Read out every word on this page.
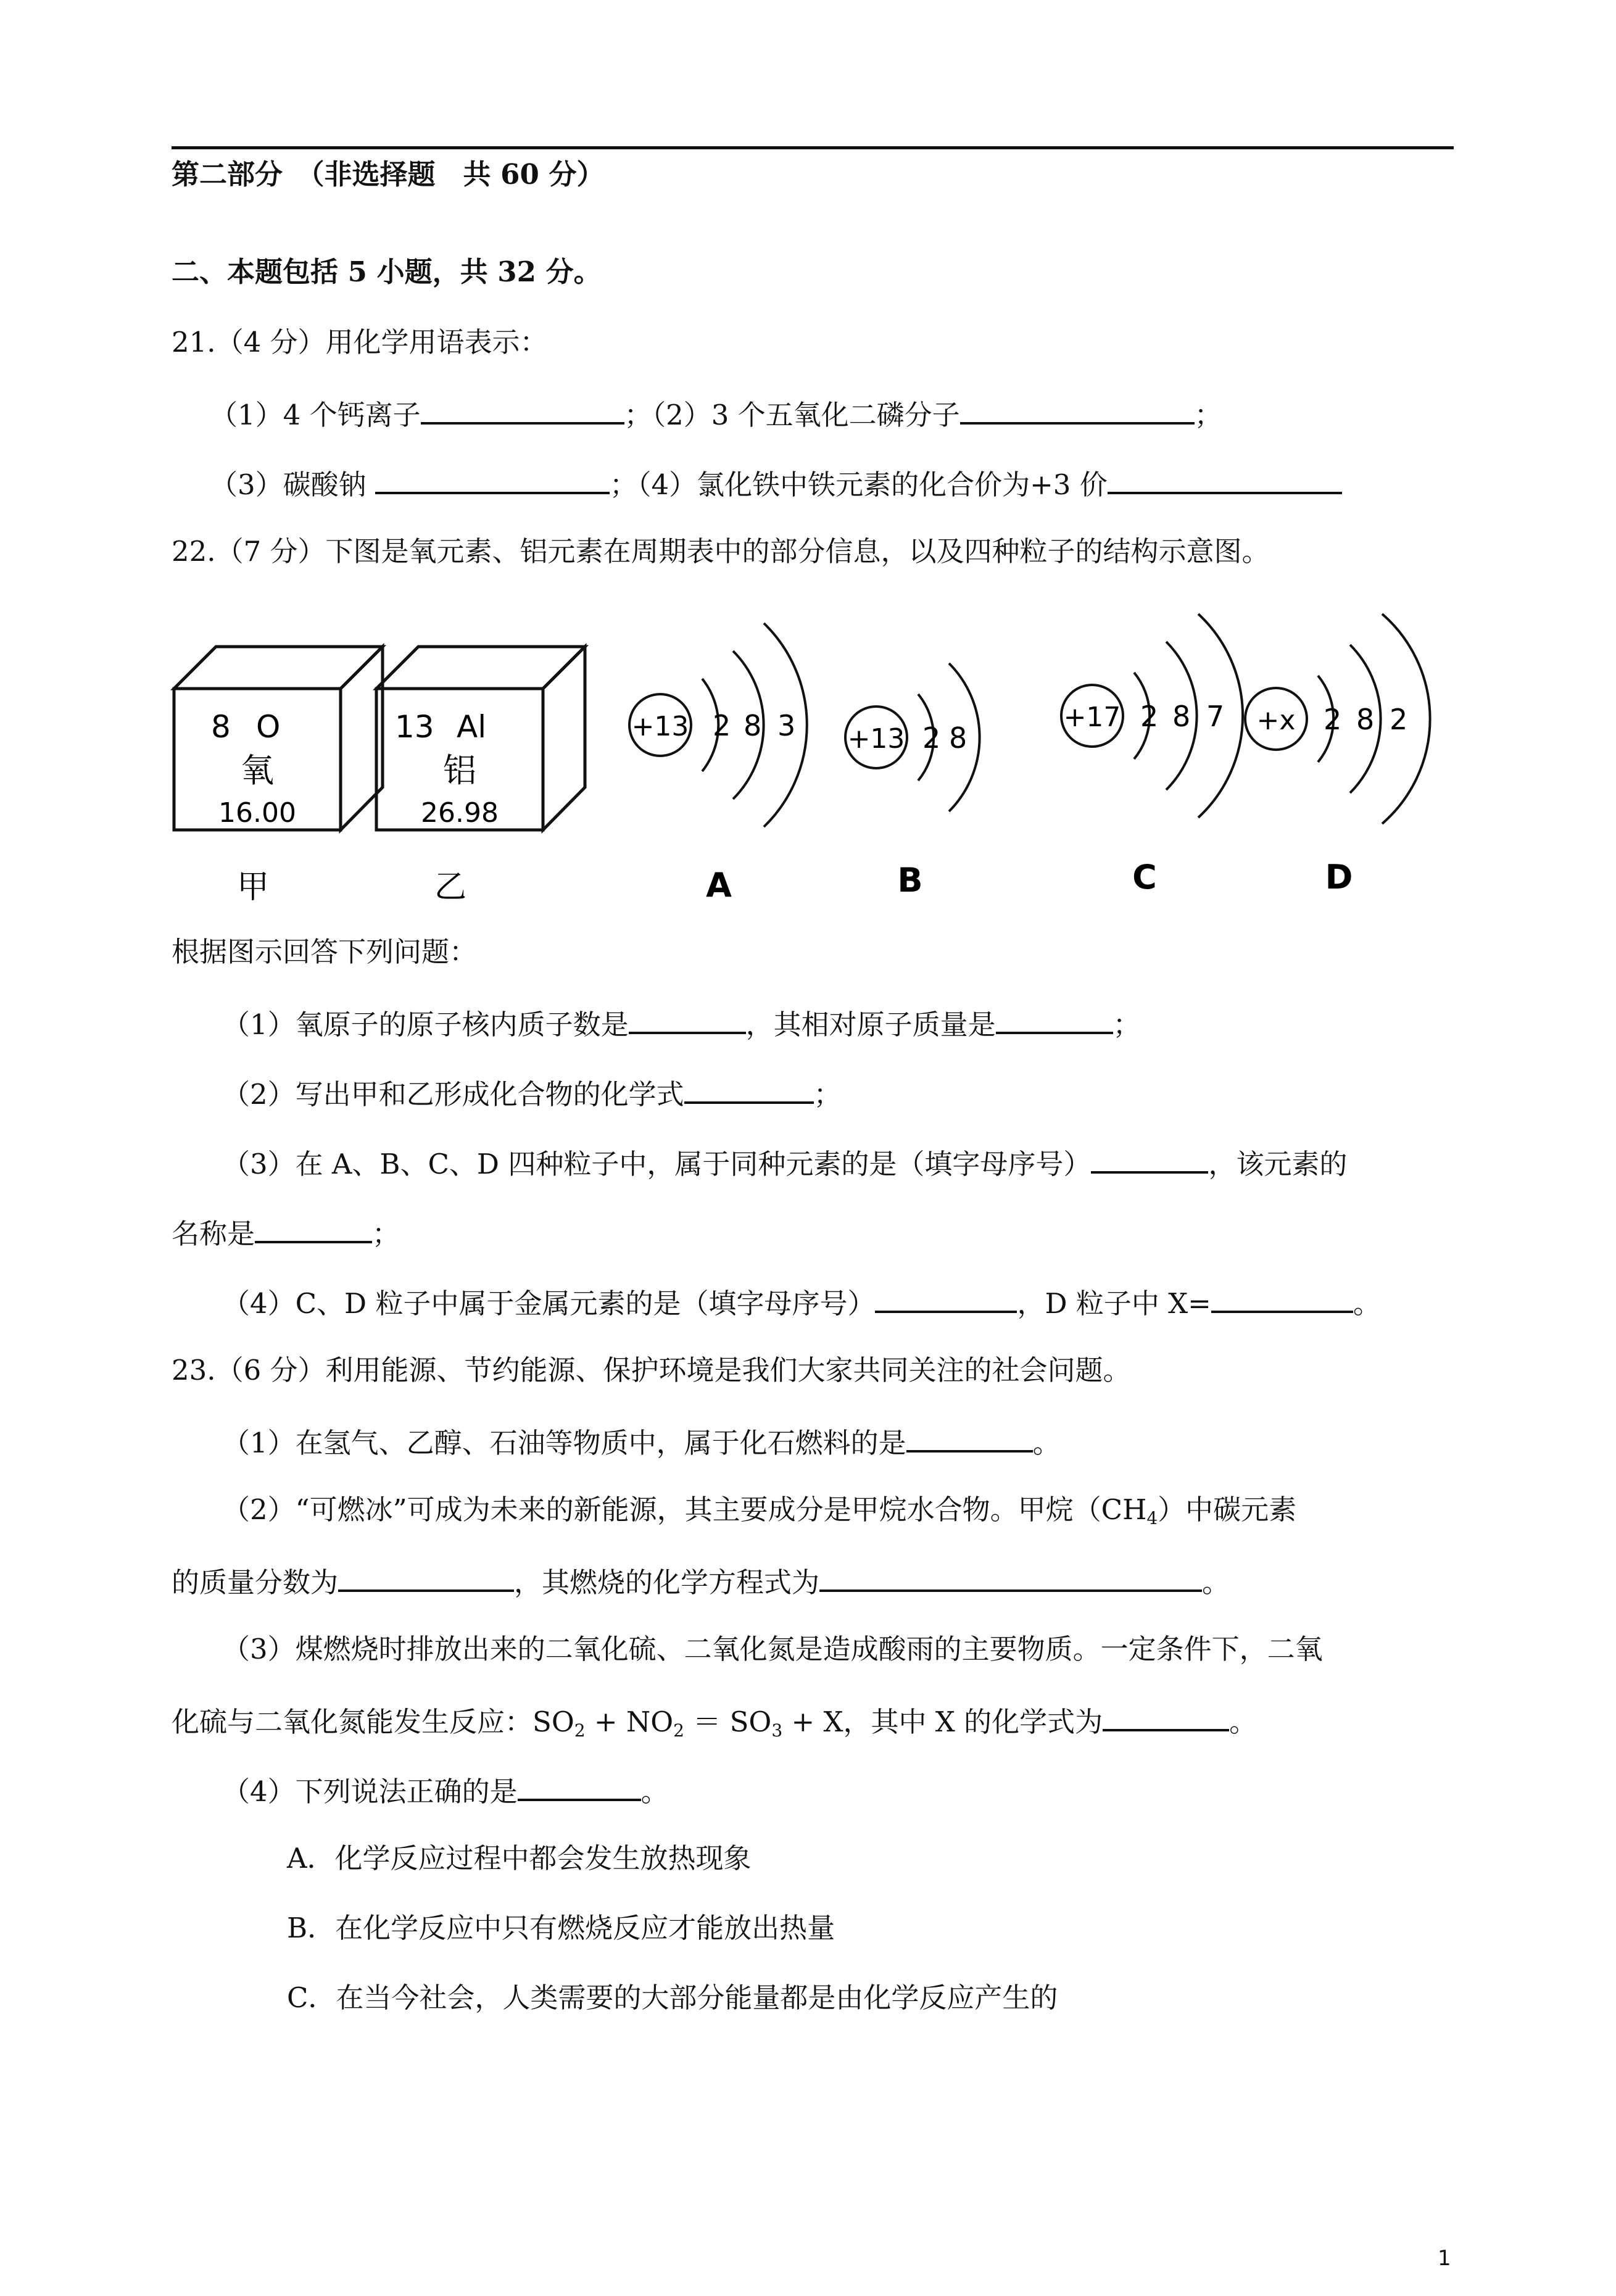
第二部分　（非选择题　共 60 分）
二、本题包括 5 小题，共 32 分。
21.（4 分）用化学用语表示：
（1）4 个钙离子	；（2）3 个五氧化二磷分子	；
（3）碳酸钠	；（4）氯化铁中铁元素的化合价为+3 价
22.（7 分）下图是氧元素、铝元素在周期表中的部分信息，以及四种粒子的结构示意图。
8 O
氧
16.00
甲
13 Al
铝
26.98
乙
+13 2 8 3
A
+13 2 8
B
+17 2 8 7
C
+x 2 8 2
D
根据图示回答下列问题：
（1）氧原子的原子核内质子数是	，其相对原子质量是	；
（2）写出甲和乙形成化合物的化学式	；
（3）在 A、B、C、D 四种粒子中，属于同种元素的是（填字母序号）	，该元素的
名称是	；
（4）C、D 粒子中属于金属元素的是（填字母序号）	，D 粒子中 X=	。
23.（6 分）利用能源、节约能源、保护环境是我们大家共同关注的社会问题。
（1）在氢气、乙醇、石油等物质中，属于化石燃料的是	。
（2）“可燃冰”可成为未来的新能源，其主要成分是甲烷水合物。甲烷$(CH_4)$中碳元素
的质量分数为	，其燃烧的化学方程式为	。
（3）煤燃烧时排放出来的二氧化硫、二氧化氮是造成酸雨的主要物质。一定条件下，二氧
化硫与二氧化氮能发生反应：$SO_2 + NO_2 = SO_3 + X$，其中 X 的化学式为	。
（4）下列说法正确的是	。
A．化学反应过程中都会发生放热现象
B．在化学反应中只有燃烧反应才能放出热量
C．在当今社会，人类需要的大部分能量都是由化学反应产生的
1
